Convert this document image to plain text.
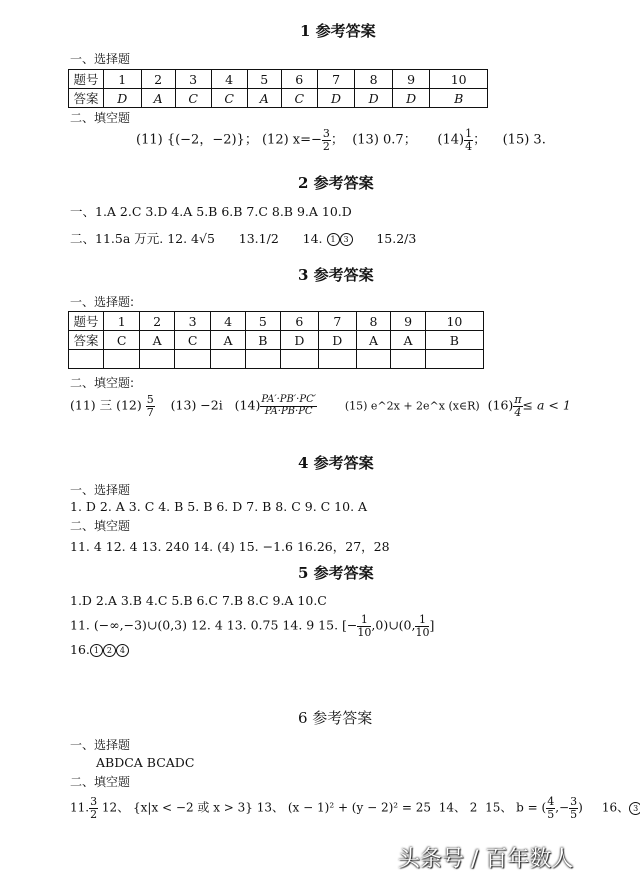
1 参考答案
一、选择题
题号	1	2	3	4	5	6	7	8	9	10
答案	D	A	C	C	A	C	D	D	D	B
二、填空题
(11) {(−2，−2)}； (12) $x=- \frac{3}{2}$ ； (13) 0.7； $(14) \frac{1}{4}$ ； (15) 3.
2 参考答案
一、1.A 2.C 3.D 4.A 5.B 6.B 7.C 8.B 9.A 10.D
二、11.5a 万元. 12. 4√5 13.1/2 14. 1 3 15.2/3
3 参考答案
一、选择题:
题号	1	2	3	4	5	6	7	8	9	10
答案	C	A	C	A	B	D	D	A	A	B

二、填空题:
(11) 三 $(12) \frac{5}{7} (13) -2i$ $(14) \frac{PA'\cdot PB'\cdot PC'}{PA\cdot PB\cdot PC}$	(15) e^2x + 2e^x (x∈R) $(16) \frac{\pi}{4} \le a < 1$
4 参考答案
一、选择题
1. D 2. A 3. C 4. B 5. B 6. D 7. B 8. C 9. C 10. A
二、填空题
11. 4 12. 4 13. 240 14. (4) 15. −1.6 16.26，27，28
5 参考答案
1.D 2.A 3.B 4.C 5.B 6.C 7.B 8.C 9.A 10.C
11. (−∞,−3)∪(0,3) 12. 4 13. 0.75 14. 9 15. [− $\frac{1}{10}$ ,0)∪(0, $\frac{1}{10}$ ]
16. 1 2 4
6 参考答案
一、选择题
ABDCA BCADC
二、填空题
11. $\frac{3}{2} 12$、 {x|x < −2 或 x > 3} 13、 (x − 1)² + (y − 2)² = 25 14、 2 15、 b = ( $\frac{4}{5}$ ,− $\frac{3}{5}$ ) 16、 3
头条号 / 百年数人
